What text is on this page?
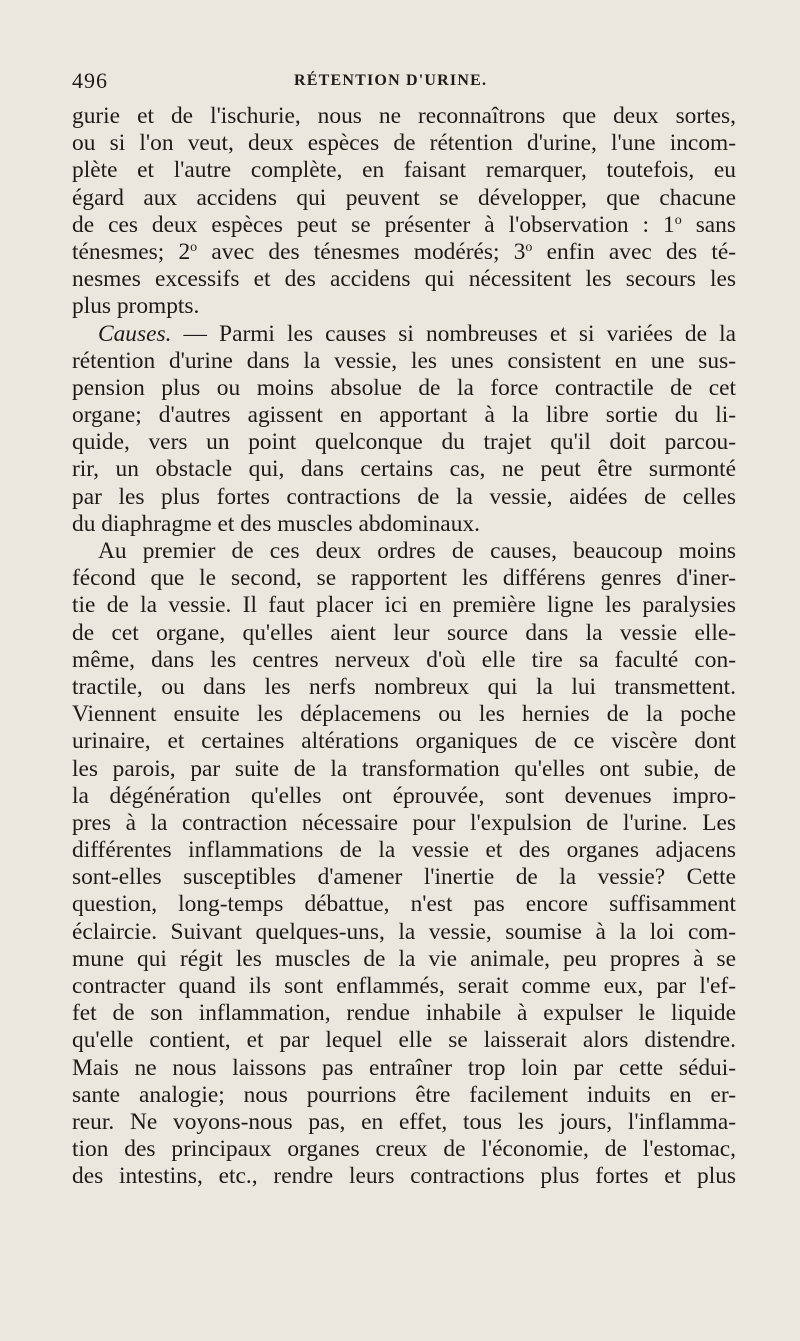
496	RÉTENTION D'URINE.
gurie et de l'ischurie, nous ne reconnaîtrons que deux sortes,
ou si l'on veut, deux espèces de rétention d'urine, l'une incom-
plète et l'autre complète, en faisant remarquer, toutefois, eu
égard aux accidens qui peuvent se développer, que chacune
de ces deux espèces peut se présenter à l'observation : 1$^o$ sans
ténesmes; 2$^o$ avec des ténesmes modérés; 3$^o$ enfin avec des té-
nesmes excessifs et des accidens qui nécessitent les secours les
plus prompts.
Causes. — Parmi les causes si nombreuses et si variées de la
rétention d'urine dans la vessie, les unes consistent en une sus-
pension plus ou moins absolue de la force contractile de cet
organe; d'autres agissent en apportant à la libre sortie du li-
quide, vers un point quelconque du trajet qu'il doit parcou-
rir, un obstacle qui, dans certains cas, ne peut être surmonté
par les plus fortes contractions de la vessie, aidées de celles
du diaphragme et des muscles abdominaux.
Au premier de ces deux ordres de causes, beaucoup moins
fécond que le second, se rapportent les différens genres d'iner-
tie de la vessie. Il faut placer ici en première ligne les paralysies
de cet organe, qu'elles aient leur source dans la vessie elle-
même, dans les centres nerveux d'où elle tire sa faculté con-
tractile, ou dans les nerfs nombreux qui la lui transmettent.
Viennent ensuite les déplacemens ou les hernies de la poche
urinaire, et certaines altérations organiques de ce viscère dont
les parois, par suite de la transformation qu'elles ont subie, de
la dégénération qu'elles ont éprouvée, sont devenues impro-
pres à la contraction nécessaire pour l'expulsion de l'urine. Les
différentes inflammations de la vessie et des organes adjacens
sont-elles susceptibles d'amener l'inertie de la vessie? Cette
question, long-temps débattue, n'est pas encore suffisamment
éclaircie. Suivant quelques-uns, la vessie, soumise à la loi com-
mune qui régit les muscles de la vie animale, peu propres à se
contracter quand ils sont enflammés, serait comme eux, par l'ef-
fet de son inflammation, rendue inhabile à expulser le liquide
qu'elle contient, et par lequel elle se laisserait alors distendre.
Mais ne nous laissons pas entraîner trop loin par cette sédui-
sante analogie; nous pourrions être facilement induits en er-
reur. Ne voyons-nous pas, en effet, tous les jours, l'inflamma-
tion des principaux organes creux de l'économie, de l'estomac,
des intestins, etc., rendre leurs contractions plus fortes et plus
